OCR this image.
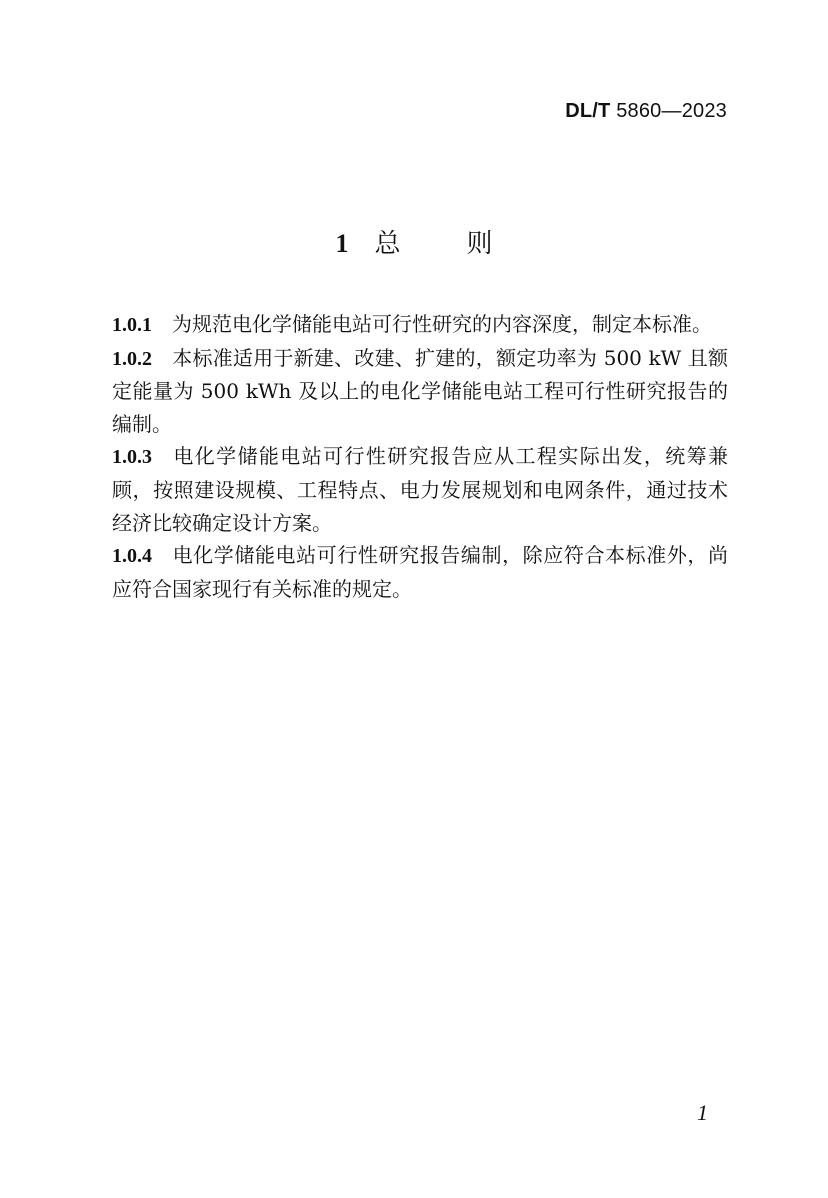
DL/T 5860—2023
1 总	则

1.0.1 为规范电化学储能电站可行性研究的内容深度，制定本标准。

1.0.2 本标准适用于新建、改建、扩建的，额定功率为 500 kW 且额定能量为 500 kWh 及以上的电化学储能电站工程可行性研究报告的编制。

1.0.3 电化学储能电站可行性研究报告应从工程实际出发，统筹兼顾，按照建设规模、工程特点、电力发展规划和电网条件，通过技术经济比较确定设计方案。

1.0.4 电化学储能电站可行性研究报告编制，除应符合本标准外，尚应符合国家现行有关标准的规定。

1
